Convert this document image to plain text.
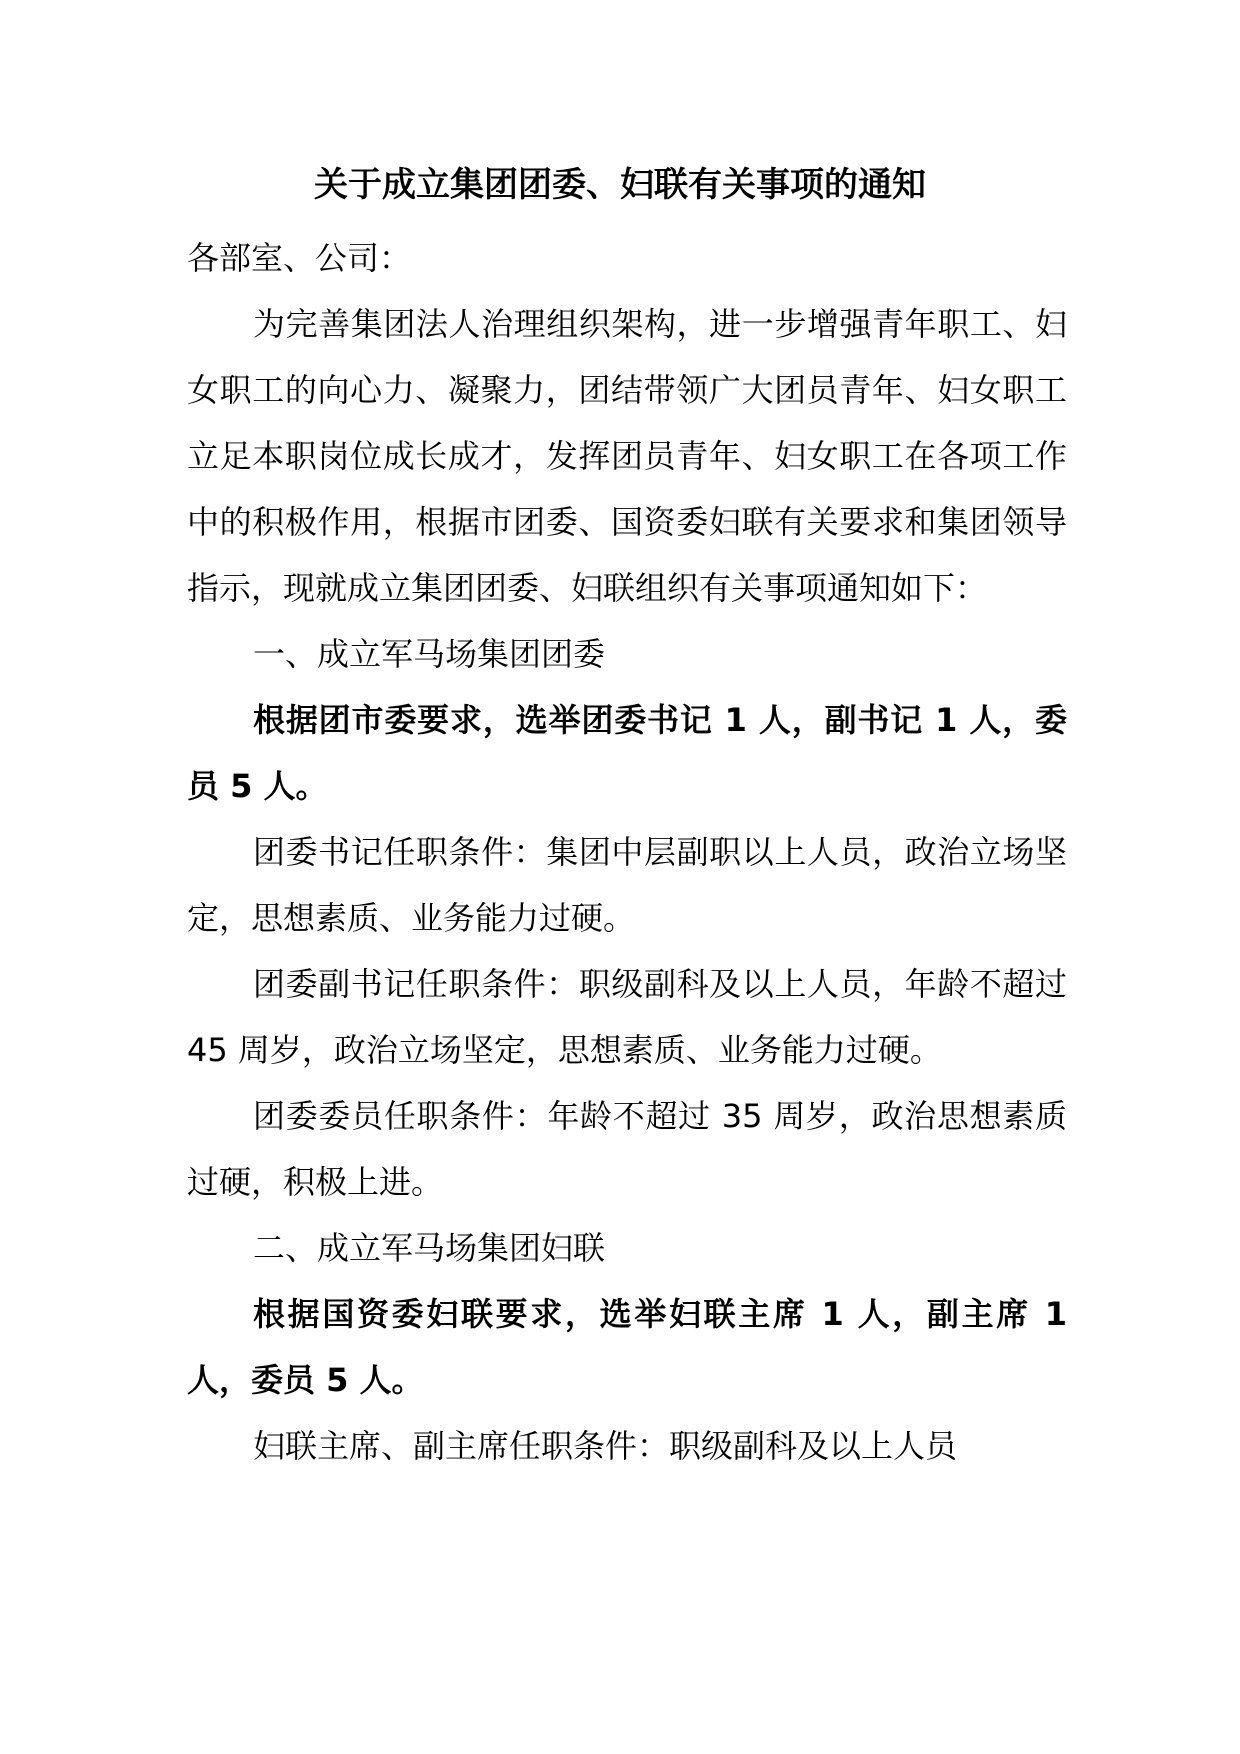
关于成立集团团委、妇联有关事项的通知

各部室、公司：

为完善集团法人治理组织架构，进一步增强青年职工、妇女职工的向心力、凝聚力，团结带领广大团员青年、妇女职工立足本职岗位成长成才，发挥团员青年、妇女职工在各项工作中的积极作用，根据市团委、国资委妇联有关要求和集团领导指示，现就成立集团团委、妇联组织有关事项通知如下：

一、成立军马场集团团委

根据团市委要求，选举团委书记 1 人，副书记 1 人，委员 5 人。

团委书记任职条件：集团中层副职以上人员，政治立场坚定，思想素质、业务能力过硬。

团委副书记任职条件：职级副科及以上人员，年龄不超过 45 周岁，政治立场坚定，思想素质、业务能力过硬。

团委委员任职条件：年龄不超过 35 周岁，政治思想素质过硬，积极上进。

二、成立军马场集团妇联

根据国资委妇联要求，选举妇联主席 1 人，副主席 1 人，委员 5 人。

妇联主席、副主席任职条件：职级副科及以上人员
